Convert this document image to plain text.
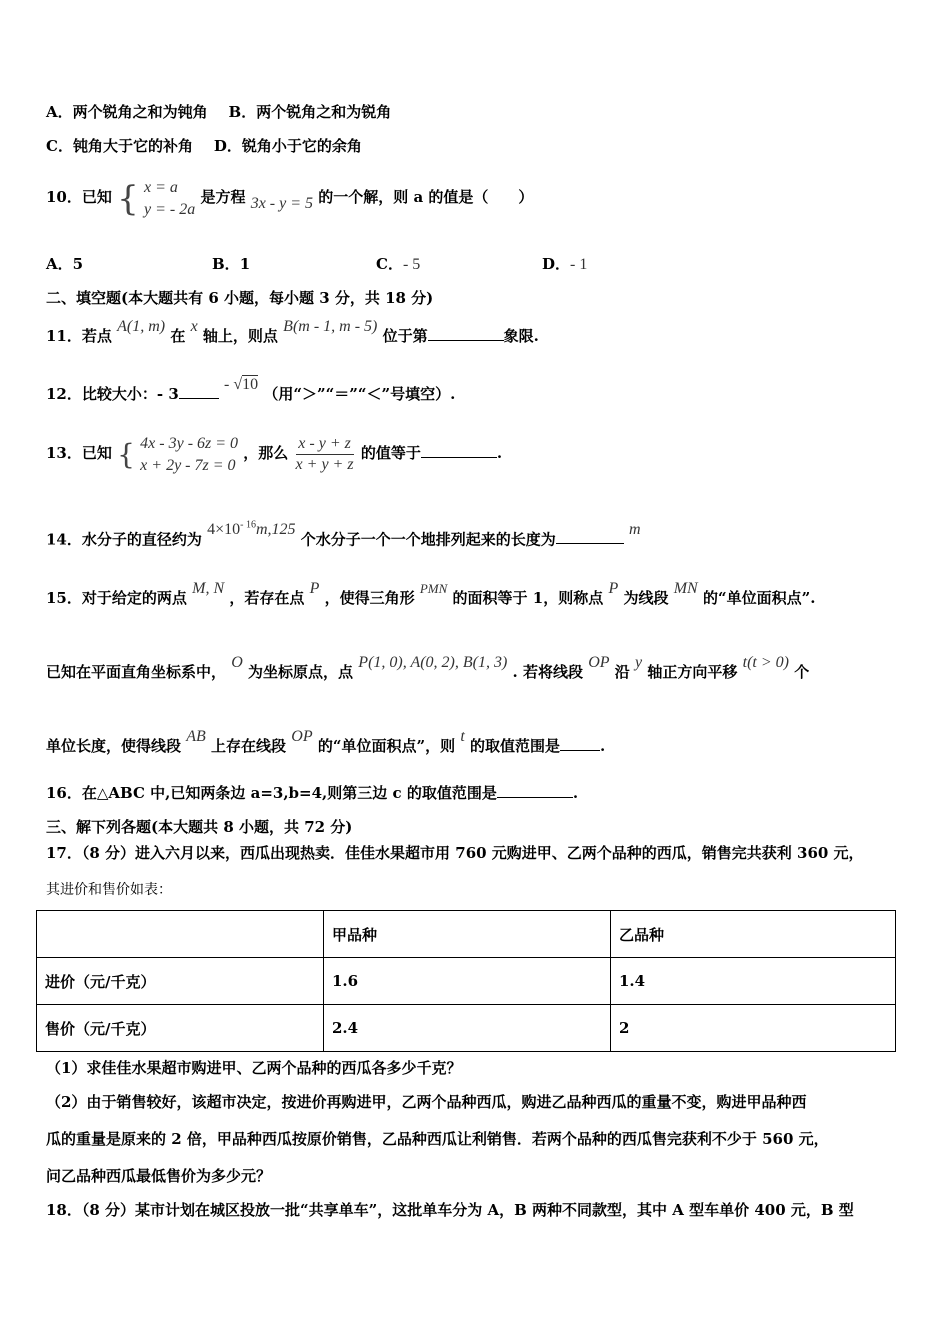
A．两个锐角之和为钝角 B．两个锐角之和为锐角
C．钝角大于它的补角 D．锐角小于它的余角
10．已知 { x = a
y = - 2a
是方程 3x - y = 5 的一个解，则 a 的值是（　　）
A．5	B．1	C．- 5	D．- 1
二、填空题(本大题共有 6 小题，每小题 3 分，共 18 分)
11．若点 A(1, m) 在 x 轴上，则点 B(m - 1, m - 5) 位于第	象限.
12．比较大小：- 3 - √10 （用“＞”“＝”“＜”号填空）.
13．已知 { 4x - 3y - 6z = 0
x + 2y - 7z = 0
，那么 $\frac{x - y + z}{x + y + z}$ 的值等于	.
14．水分子的直径约为 $4\times 10^{- 16}m,125$ 个水分子一个一个地排列起来的长度为 m
15．对于给定的两点 M, N ，若存在点 P ，使得三角形 PMN 的面积等于 1，则称点 P 为线段 MN 的“单位面积点”.
已知在平面直角坐标系中， O 为坐标原点，点 P(1, 0), A(0, 2), B(1, 3) . 若将线段 OP 沿 y 轴正方向平移 t(t > 0) 个
单位长度，使得线段 AB 上存在线段 OP 的“单位面积点”，则 t 的取值范围是	.
16．在△ABC 中,已知两条边 a=3,b=4,则第三边 c 的取值范围是	.
三、解下列各题(本大题共 8 小题，共 72 分)
17．（8 分）进入六月以来，西瓜出现热卖．佳佳水果超市用 760 元购进甲、乙两个品种的西瓜，销售完共获利 360 元，
其进价和售价如表：
	甲品种	乙品种
进价（元/千克）	1.6	1.4
售价（元/千克）	2.4	2
（1）求佳佳水果超市购进甲、乙两个品种的西瓜各多少千克？
（2）由于销售较好，该超市决定，按进价再购进甲，乙两个品种西瓜，购进乙品种西瓜的重量不变，购进甲品种西
瓜的重量是原来的 2 倍，甲品种西瓜按原价销售，乙品种西瓜让利销售．若两个品种的西瓜售完获利不少于 560 元，
问乙品种西瓜最低售价为多少元？
18．（8 分）某市计划在城区投放一批“共享单车”，这批单车分为 A，B 两种不同款型，其中 A 型车单价 400 元，B 型
